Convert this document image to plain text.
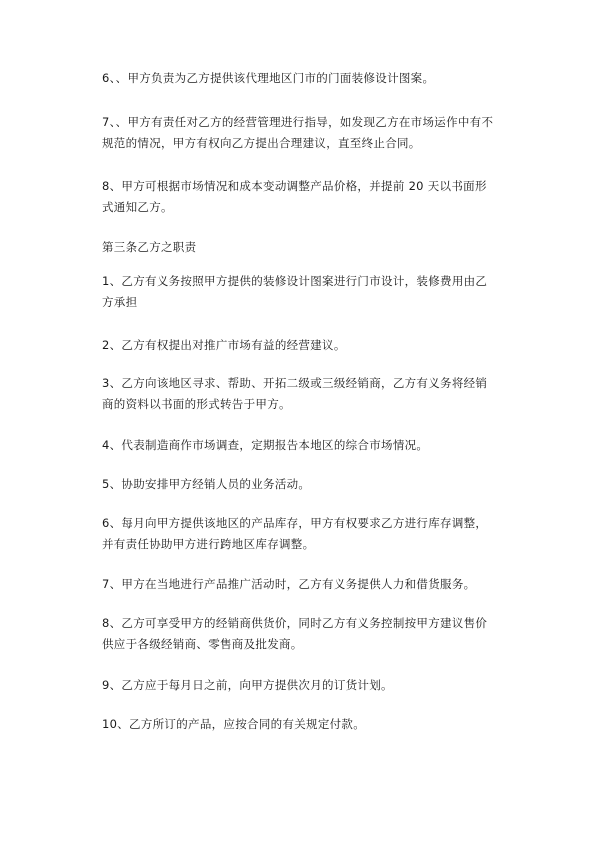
6、、甲方负责为乙方提供该代理地区门市的门面装修设计图案。

7、、甲方有责任对乙方的经营管理进行指导，如发现乙方在市场运作中有不规范的情况，甲方有权向乙方提出合理建议，直至终止合同。

8、甲方可根据市场情况和成本变动调整产品价格，并提前 20 天以书面形式通知乙方。

第三条乙方之职责

1、乙方有义务按照甲方提供的装修设计图案进行门市设计，装修费用由乙方承担

2、乙方有权提出对推广市场有益的经营建议。

3、乙方向该地区寻求、帮助、开拓二级或三级经销商，乙方有义务将经销商的资料以书面的形式转告于甲方。

4、代表制造商作市场调查，定期报告本地区的综合市场情况。

5、协助安排甲方经销人员的业务活动。

6、每月向甲方提供该地区的产品库存，甲方有权要求乙方进行库存调整，并有责任协助甲方进行跨地区库存调整。

7、甲方在当地进行产品推广活动时，乙方有义务提供人力和借货服务。

8、乙方可享受甲方的经销商供货价，同时乙方有义务控制按甲方建议售价供应于各级经销商、零售商及批发商。

9、乙方应于每月日之前，向甲方提供次月的订货计划。

10、乙方所订的产品，应按合同的有关规定付款。
